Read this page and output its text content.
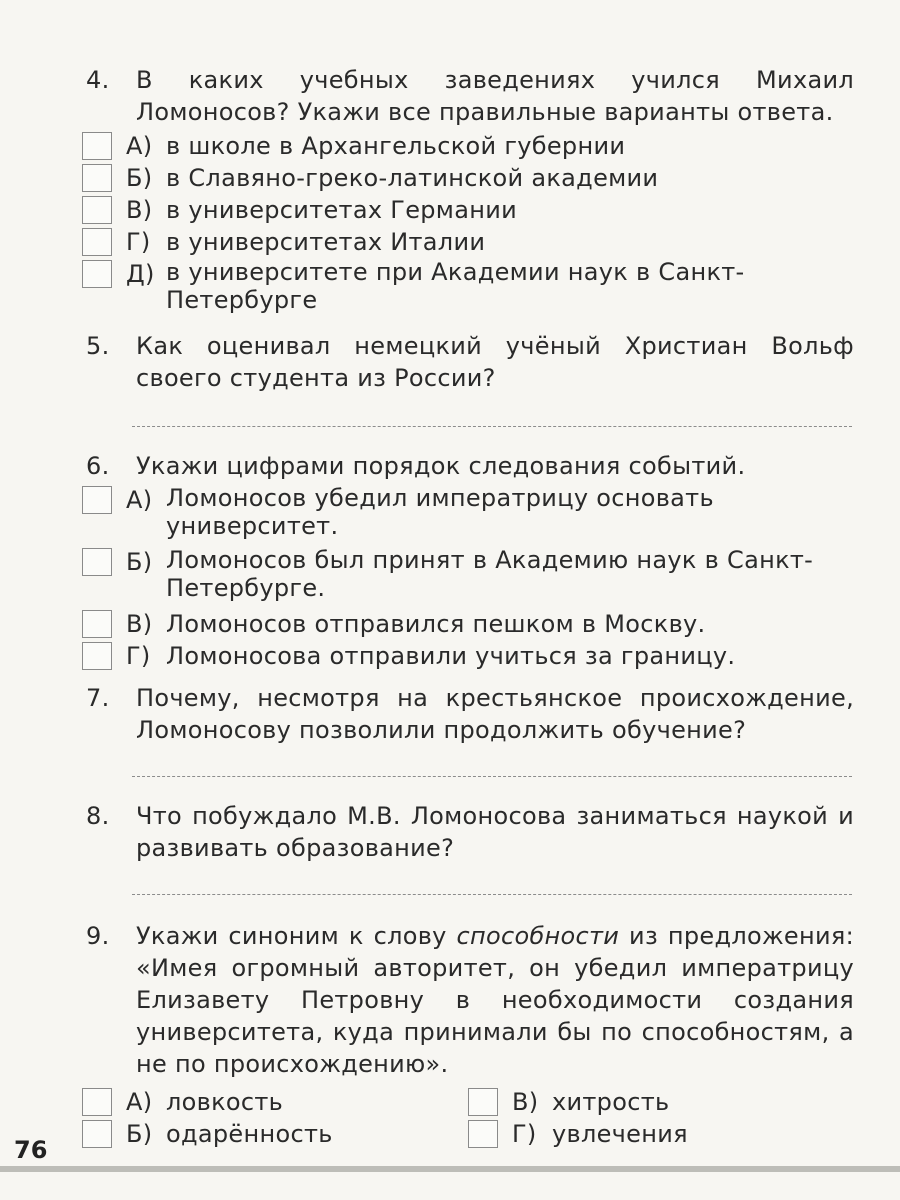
4.	В каких учебных заведениях учился Михаил Ломоносов? Укажи все правильные варианты ответа.
А) в школе в Архангельской губернии
Б) в Славяно-греко-латинской академии
В) в университетах Германии
Г) в университетах Италии
Д) в университете при Академии наук в Санкт-Петербурге
5.	Как оценивал немецкий учёный Христиан Вольф своего студента из России?
6.	Укажи цифрами порядок следования событий.
А) Ломоносов убедил императрицу основать университет.
Б) Ломоносов был принят в Академию наук в Санкт-Петербурге.
В) Ломоносов отправился пешком в Москву.
Г) Ломоносова отправили учиться за границу.
7.	Почему, несмотря на крестьянское происхождение, Ломоносову позволили продолжить обучение?
8.	Что побуждало М.В. Ломоносова заниматься наукой и развивать образование?
9.	Укажи синоним к слову способности из предложения: «Имея огромный авторитет, он убедил императрицу Елизавету Петровну в необходимости создания университета, куда принимали бы по способностям, а не по происхождению».
А) ловкость
Б) одарённость
В) хитрость
Г) увлечения
76
